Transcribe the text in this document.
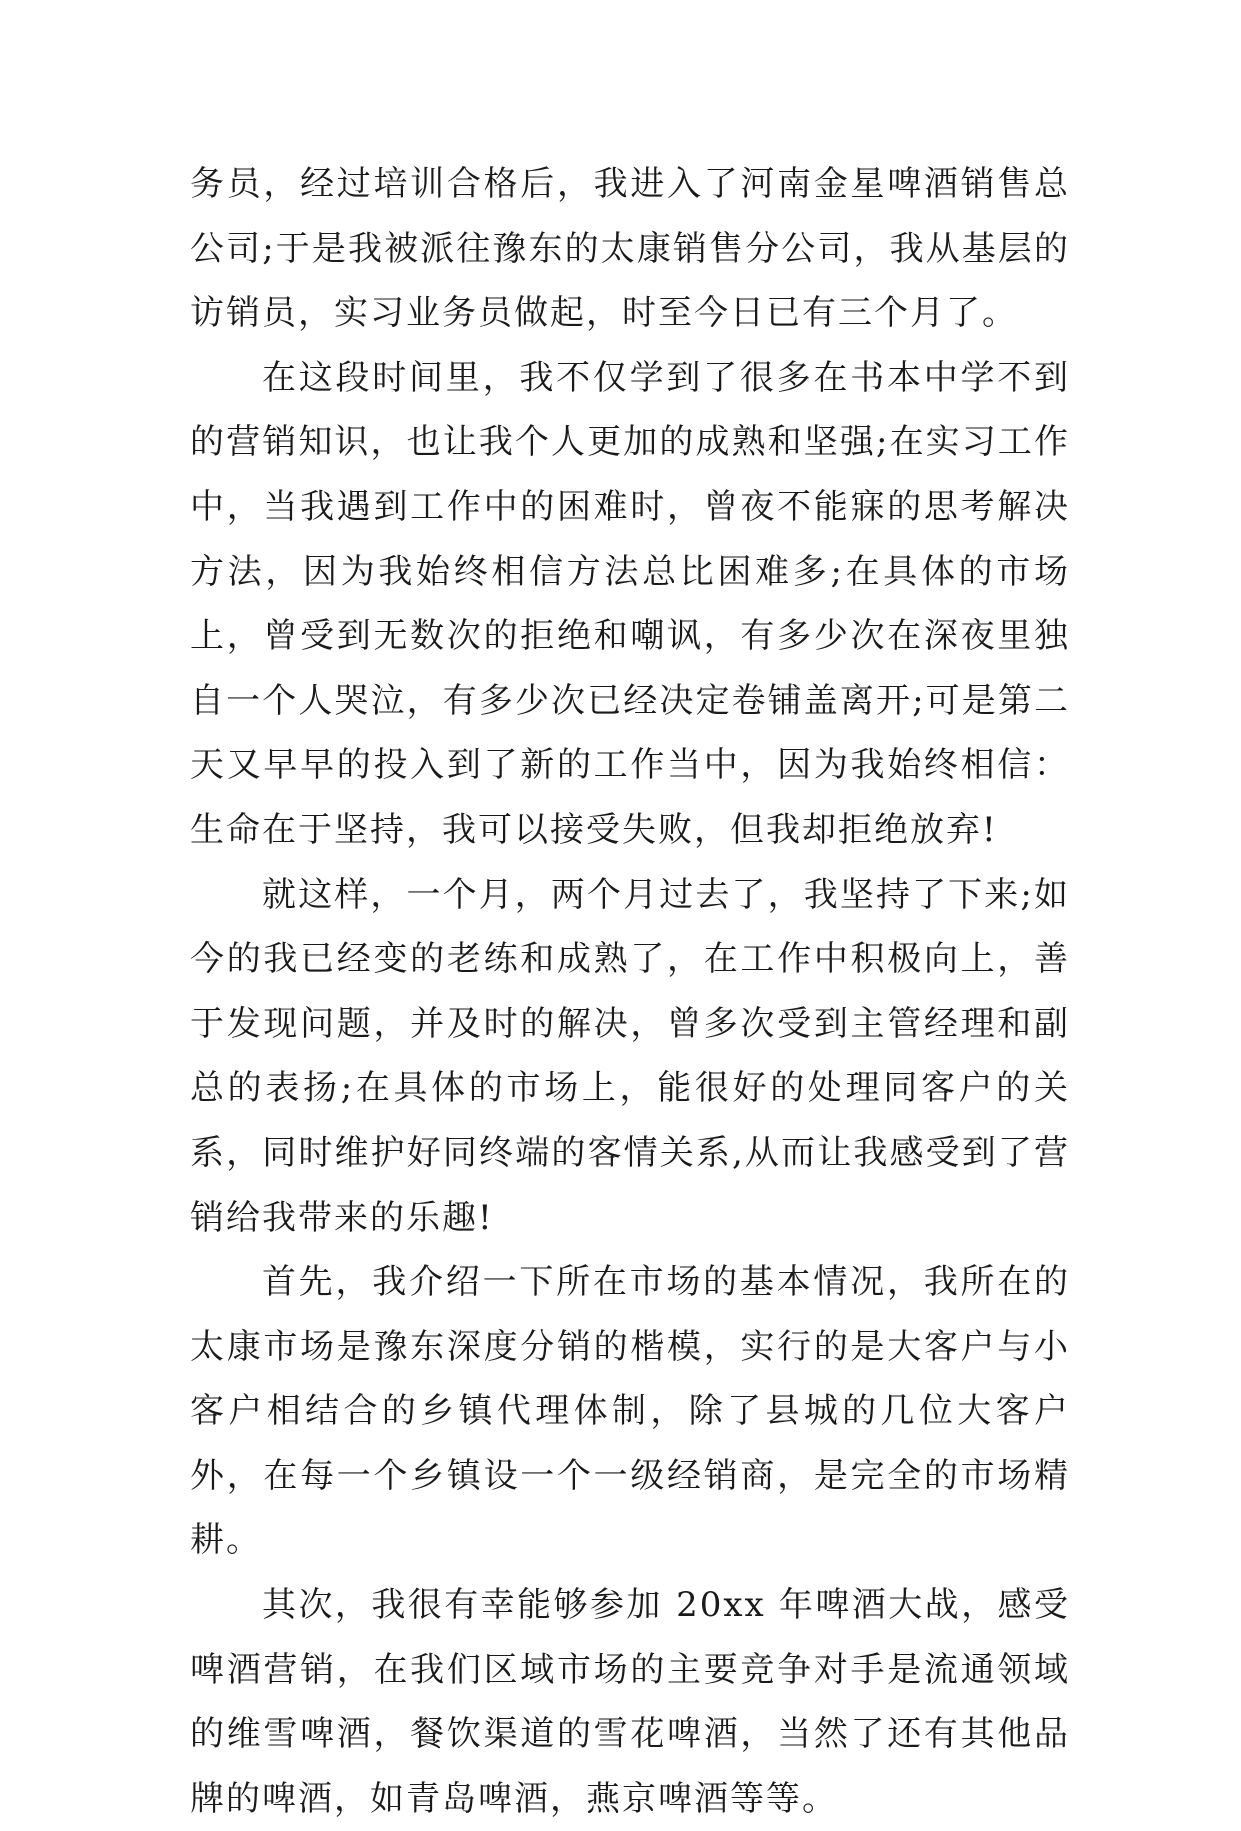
务员，经过培训合格后，我进入了河南金星啤酒销售总公司;于是我被派往豫东的太康销售分公司，我从基层的访销员，实习业务员做起，时至今日已有三个月了。

在这段时间里，我不仅学到了很多在书本中学不到的营销知识，也让我个人更加的成熟和坚强;在实习工作中，当我遇到工作中的困难时，曾夜不能寐的思考解决方法，因为我始终相信方法总比困难多;在具体的市场上，曾受到无数次的拒绝和嘲讽，有多少次在深夜里独自一个人哭泣，有多少次已经决定卷铺盖离开;可是第二天又早早的投入到了新的工作当中，因为我始终相信：生命在于坚持，我可以接受失败，但我却拒绝放弃!

就这样，一个月，两个月过去了，我坚持了下来;如今的我已经变的老练和成熟了，在工作中积极向上，善于发现问题，并及时的解决，曾多次受到主管经理和副总的表扬;在具体的市场上，能很好的处理同客户的关系，同时维护好同终端的客情关系,从而让我感受到了营销给我带来的乐趣!

首先，我介绍一下所在市场的基本情况，我所在的太康市场是豫东深度分销的楷模，实行的是大客户与小客户相结合的乡镇代理体制，除了县城的几位大客户外，在每一个乡镇设一个一级经销商，是完全的市场精耕。

其次，我很有幸能够参加 20xx 年啤酒大战，感受啤酒营销，在我们区域市场的主要竞争对手是流通领域的维雪啤酒，餐饮渠道的雪花啤酒，当然了还有其他品牌的啤酒，如青岛啤酒，燕京啤酒等等。
